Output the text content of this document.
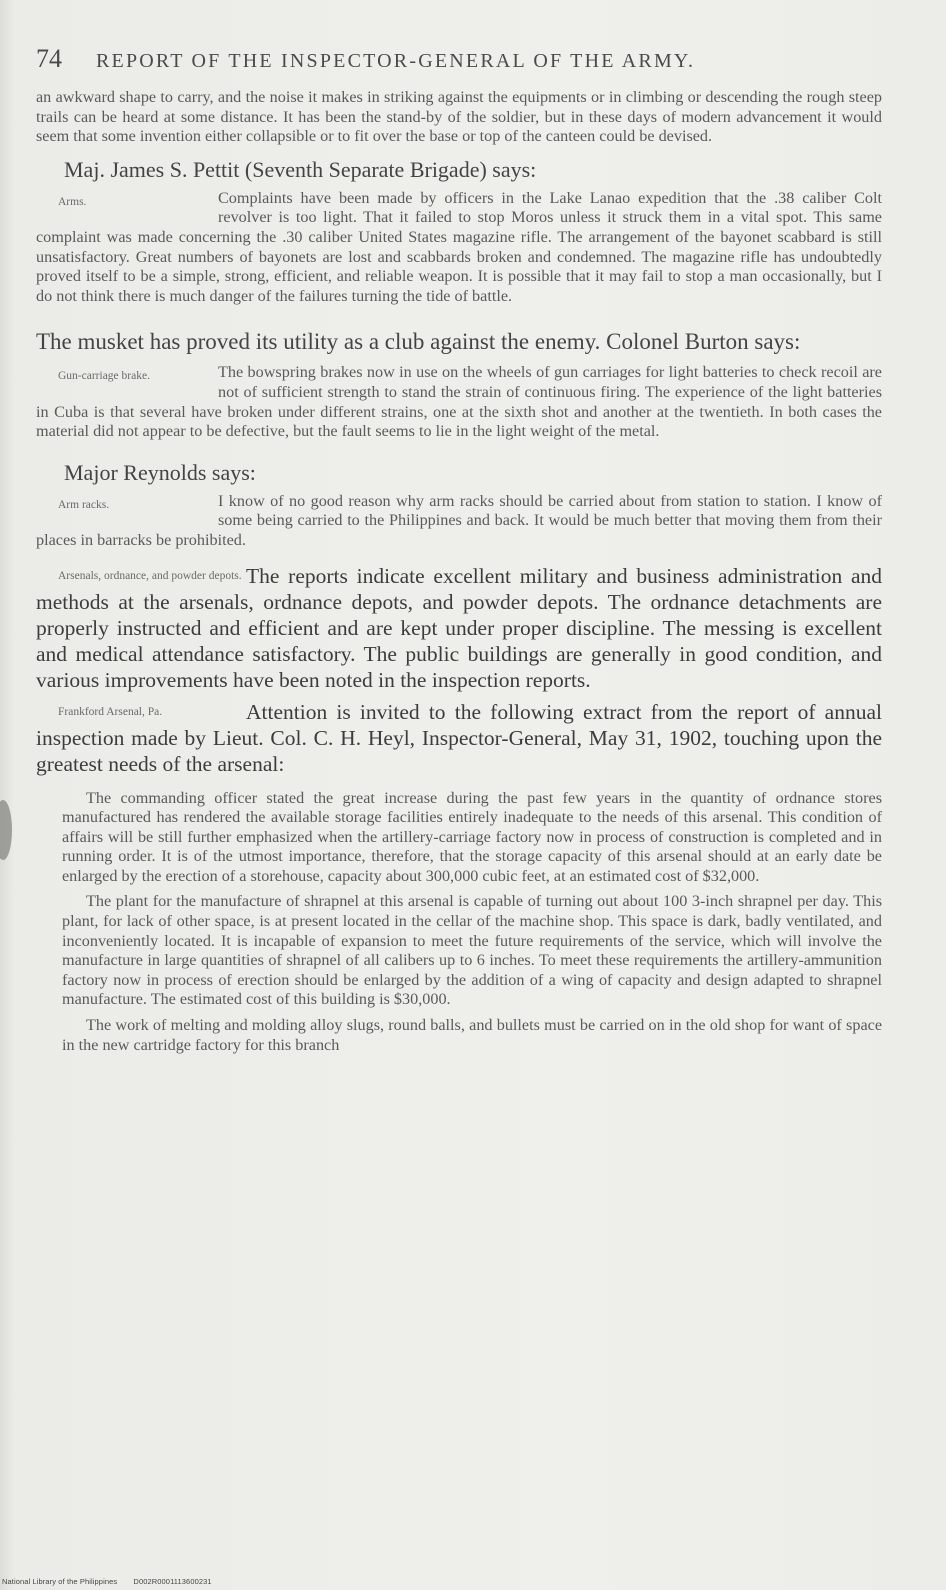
74 REPORT OF THE INSPECTOR-GENERAL OF THE ARMY.

an awkward shape to carry, and the noise it makes in striking against the equipments or in climbing or descending the rough steep trails can be heard at some distance. It has been the stand-by of the soldier, but in these days of modern advancement it would seem that some invention either collapsible or to fit over the base or top of the canteen could be devised.

Maj. James S. Pettit (Seventh Separate Brigade) says:

Arms.	Complaints have been made by officers in the Lake Lanao expedition that the .38 caliber Colt revolver is too light. That it failed to stop Moros unless it struck them in a vital spot. This same complaint was made concerning the .30 caliber United States magazine rifle. The arrangement of the bayonet scabbard is still unsatisfactory. Great numbers of bayonets are lost and scabbards broken and condemned. The magazine rifle has undoubtedly proved itself to be a simple, strong, efficient, and reliable weapon. It is possible that it may fail to stop a man occasionally, but I do not think there is much danger of the failures turning the tide of battle.

The musket has proved its utility as a club against the enemy. Colonel Burton says:

Gun-carriage brake.	The bowspring brakes now in use on the wheels of gun carriages for light batteries to check recoil are not of sufficient strength to stand the strain of continuous firing. The experience of the light batteries in Cuba is that several have broken under different strains, one at the sixth shot and another at the twentieth. In both cases the material did not appear to be defective, but the fault seems to lie in the light weight of the metal.

Major Reynolds says:

Arm racks.	I know of no good reason why arm racks should be carried about from station to station. I know of some being carried to the Philippines and back. It would be much better that moving them from their places in barracks be prohibited.

Arsenals, ordnance, and powder depots. The reports indicate excellent military and business administration and methods at the arsenals, ordnance depots, and powder depots. The ordnance detachments are properly instructed and efficient and are kept under proper discipline. The messing is excellent and medical attendance satisfactory. The public buildings are generally in good condition, and various improvements have been noted in the inspection reports.

Frankford Arsenal, Pa.	Attention is invited to the following extract from the report of annual inspection made by Lieut. Col. C. H. Heyl, Inspector-General, May 31, 1902, touching upon the greatest needs of the arsenal:

The commanding officer stated the great increase during the past few years in the quantity of ordnance stores manufactured has rendered the available storage facilities entirely inadequate to the needs of this arsenal. This condition of affairs will be still further emphasized when the artillery-carriage factory now in process of construction is completed and in running order. It is of the utmost importance, therefore, that the storage capacity of this arsenal should at an early date be enlarged by the erection of a storehouse, capacity about 300,000 cubic feet, at an estimated cost of $32,000.

The plant for the manufacture of shrapnel at this arsenal is capable of turning out about 100 3-inch shrapnel per day. This plant, for lack of other space, is at present located in the cellar of the machine shop. This space is dark, badly ventilated, and inconveniently located. It is incapable of expansion to meet the future requirements of the service, which will involve the manufacture in large quantities of shrapnel of all calibers up to 6 inches. To meet these requirements the artillery-ammunition factory now in process of erection should be enlarged by the addition of a wing of capacity and design adapted to shrapnel manufacture. The estimated cost of this building is $30,000.

The work of melting and molding alloy slugs, round balls, and bullets must be carried on in the old shop for want of space in the new cartridge factory for this branch

National Library of the Philippines D002R0001113600231
